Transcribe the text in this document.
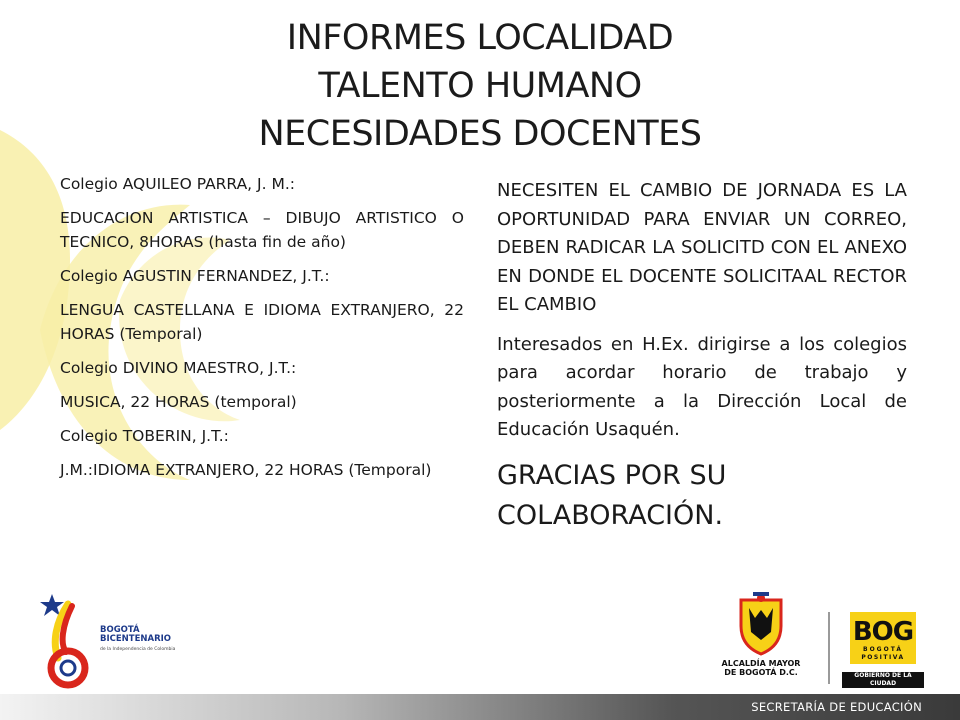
INFORMES LOCALIDAD
TALENTO HUMANO
NECESIDADES DOCENTES

Colegio AQUILEO PARRA, J. M.:

EDUCACION ARTISTICA – DIBUJO ARTISTICO O TECNICO, 8HORAS (hasta fin de año)

Colegio AGUSTIN FERNANDEZ, J.T.:

LENGUA CASTELLANA E IDIOMA EXTRANJERO, 22 HORAS (Temporal)

Colegio DIVINO MAESTRO, J.T.:

MUSICA, 22 HORAS (temporal)

Colegio TOBERIN, J.T.:

J.M.:IDIOMA EXTRANJERO, 22 HORAS (Temporal)

NECESITEN EL CAMBIO DE JORNADA ES LA OPORTUNIDAD PARA ENVIAR UN CORREO, DEBEN RADICAR LA SOLICITD CON EL ANEXO EN DONDE EL DOCENTE SOLICITAAL RECTOR EL CAMBIO

Interesados en H.Ex. dirigirse a los colegios para acordar horario de trabajo y posteriormente a la Dirección Local de Educación Usaquén.

GRACIAS POR SU COLABORACIÓN.

BOGOTÁ
BICENTENARIO
de la Independencia de Colombia
ALCALDÍA MAYOR
DE BOGOTÁ D.C.
BOG
BOGOTÁ
POSITIVA
GOBIERNO DE LA CIUDAD
SECRETARÍA DE EDUCACIÓN
